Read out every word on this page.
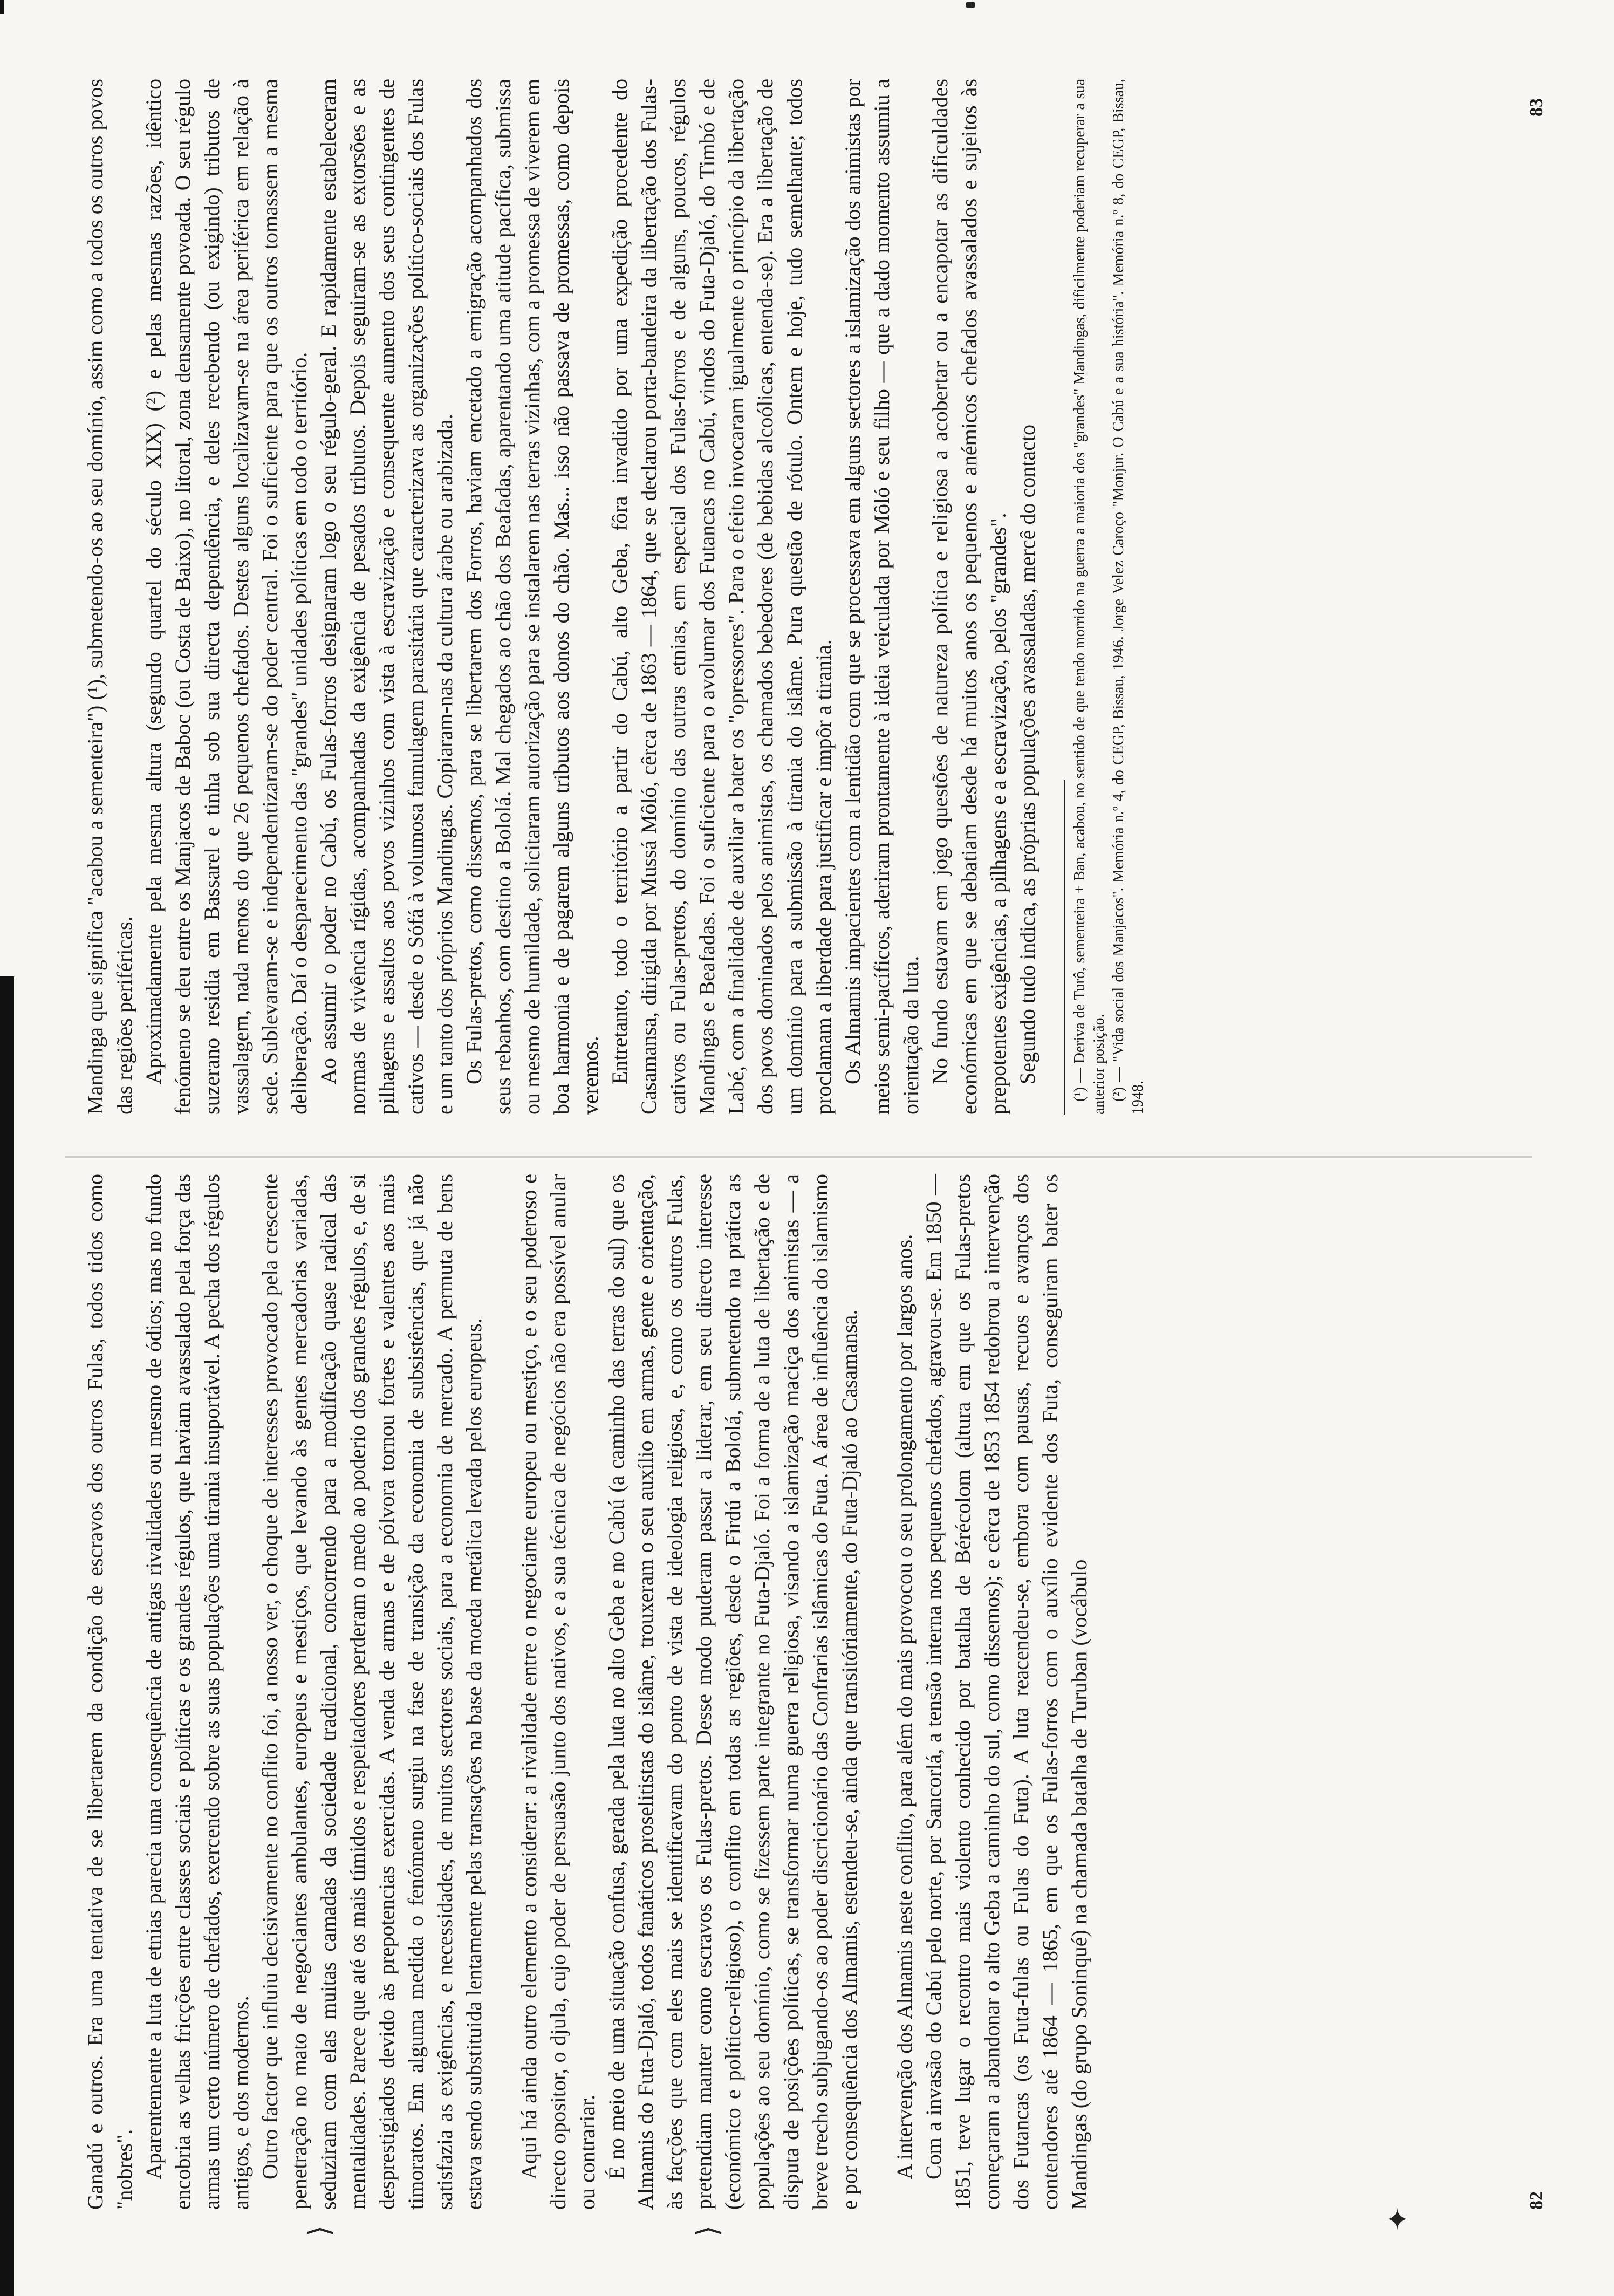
Ganadú e outros. Era uma tentativa de se libertarem da condição de escravos dos outros Fulas, todos tidos como "nobres". Aparentemente a luta de etnias parecia uma consequência de antigas rivalidades ou mesmo de ódios; mas no fundo encobria as velhas fricções entre classes sociais e políticas e os grandes régulos, que haviam avassalado pela força das armas um certo número de chefados, exercendo sobre as suas populações uma tirania insuportável. A pecha dos régulos antigos, e dos modernos. Outro factor que influiu decisivamente no conflito foi, a nosso ver, o choque de interesses provocado pela crescente penetração no mato de negociantes ambulantes, europeus e mestiços, que levando às gentes mercadorias variadas, seduziram com elas muitas camadas da sociedade tradicional, concorrendo para a modificação quase radical das mentalidades. Parece que até os mais tímidos e respeitadores perderam o medo ao poderio dos grandes régulos, e, de si desprestigiados devido às prepotencias exercidas. A venda de armas e de pólvora tornou fortes e valentes aos mais timoratos. Em alguma medida o fenómeno surgiu na fase de transição da economia de subsistências, que já não satisfazia as exigências, e necessidades, de muitos sectores sociais, para a economia de mercado. A permuta de bens estava sendo substituida lentamente pelas transações na base da moeda metálica levada pelos europeus. Aqui há ainda outro elemento a considerar: a rivalidade entre o negociante europeu ou mestiço, e o seu poderoso e directo opositor, o djula, cujo poder de persuasão junto dos nativos, e a sua técnica de negócios não era possível anular ou contrariar. É no meio de uma situação confusa, gerada pela luta no alto Geba e no Cabú (a caminho das terras do sul) que os Almamis do Futa-Djaló, todos fanáticos proselitistas do islâme, trouxeram o seu auxílio em armas, gente e orientação, às facções que com eles mais se identificavam do ponto de vista de ideologia religiosa, e, como os outros Fulas, pretendiam manter como escravos os Fulas-pretos. Desse modo puderam passar a liderar, em seu directo interesse (económico e político-religioso), o conflito em todas as regiões, desde o Firdú a Bololá, submetendo na prática as populações ao seu domínio, como se fizessem parte integrante no Futa-Djaló. Foi a forma de a luta de libertação e de disputa de posições políticas, se transformar numa guerra religiosa, visando a islamização maciça dos animistas — a breve trecho subjugando-os ao poder discricionário das Confrarias islâmicas do Futa. A área de influência do islamismo e por consequência dos Almamis, estendeu-se, ainda que transitóriamente, do Futa-Djaló ao Casamansa. A intervenção dos Almamis neste conflito, para além do mais provocou o seu prolongamento por largos anos. Com a invasão do Cabú pelo norte, por Sancorlá, a tensão interna nos pequenos chefados, agravou-se. Em 1850 — 1851, teve lugar o recontro mais violento conhecido por batalha de Bérécolom (altura em que os Fulas-pretos começaram a abandonar o alto Geba a caminho do sul, como dissemos); e cêrca de 1853 1854 redobrou a intervenção dos Futancas (os Futa-fulas ou Fulas do Futa). A luta reacendeu-se, embora com pausas, recuos e avanços dos contendores até 1864 — 1865, em que os Fulas-forros com o auxílio evidente dos Futa, conseguiram bater os Mandingas (do grupo Soninqué) na chamada batalha de Turuban (vocábulo	82

Mandinga que significa "acabou a sementeira") (¹), submetendo-os ao seu domínio, assim como a todos os outros povos das regiões periféricas. Aproximadamente pela mesma altura (segundo quartel do século XIX) (²) e pelas mesmas razões, idêntico fenómeno se deu entre os Manjacos de Baboc (ou Costa de Baixo), no litoral, zona densamente povoada. O seu régulo suzerano residia em Bassarel e tinha sob sua directa dependência, e deles recebendo (ou exigindo) tributos de vassalagem, nada menos do que 26 pequenos chefados. Destes alguns localizavam-se na área periférica em relação à sede. Sublevaram-se e independentizaram-se do poder central. Foi o suficiente para que os outros tomassem a mesma deliberação. Daí o desparecimento das "grandes" unidades políticas em todo o território. Ao assumir o poder no Cabú, os Fulas-forros designaram logo o seu régulo-geral. E rapidamente estabeleceram normas de vivência rígidas, acompanhadas da exigência de pesados tributos. Depois seguiram-se as extorsões e as pilhagens e assaltos aos povos vizinhos com vista à escravização e consequente aumento dos seus contingentes de cativos — desde o Sófá à volumosa famulagem parasitária que caracterizava as organizações político-sociais dos Fulas e um tanto dos próprios Mandingas. Copiaram-nas da cultura árabe ou arabizada. Os Fulas-pretos, como dissemos, para se libertarem dos Forros, haviam encetado a emigração acompanhados dos seus rebanhos, com destino a Bololá. Mal chegados ao chão dos Beafadas, aparentando uma atitude pacífica, submissa ou mesmo de humildade, solicitaram autorização para se instalarem nas terras vizinhas, com a promessa de viverem em boa harmonia e de pagarem alguns tributos aos donos do chão. Mas... isso não passava de promessas, como depois veremos. Entretanto, todo o território a partir do Cabú, alto Geba, fôra invadido por uma expedição procedente do Casamansa, dirigida por Mussá Môló, cêrca de 1863 — 1864, que se declarou porta-bandeira da libertação dos Fulas-cativos ou Fulas-pretos, do domínio das outras etnias, em especial dos Fulas-forros e de alguns, poucos, régulos Mandingas e Beafadas. Foi o suficiente para o avolumar dos Futancas no Cabú, vindos do Futa-Djaló, do Timbó e de Labé, com a finalidade de auxiliar a bater os "opressores". Para o efeito invocaram igualmente o princípio da libertação dos povos dominados pelos animistas, os chamados bebedores (de bebidas alcoólicas, entenda-se). Era a libertação de um domínio para a submissão à tirania do islâme. Pura questão de rótulo. Ontem e hoje, tudo semelhante; todos proclamam a liberdade para justificar e impôr a tirania. Os Almamis impacientes com a lentidão com que se processava em alguns sectores a islamização dos animistas por meios semi-pacíficos, aderiram prontamente à ideia veiculada por Môló e seu filho — que a dado momento assumiu a orientação da luta. No fundo estavam em jogo questões de natureza política e religiosa a acobertar ou a encapotar as dificuldades económicas em que se debatiam desde há muitos anos os pequenos e anémicos chefados avassalados e sujeitos às prepotentes exigências, a pilhagens e a escravização, pelos "grandes". Segundo tudo indica, as próprias populações avassaladas, mercê do contacto (¹) — Deriva de Turô, sementeira + Ban, acabou, no sentido de que tendo morrido na guerra a maioria dos "grandes" Mandingas, dificilmente poderiam recuperar a sua anterior posição. (²) — "Vida social dos Manjacos". Memória n.º 4, do CEGP, Bissau, 1946. Jorge Velez Caroço "Monjur. O Cabú e a sua história". Memória n.º 8, do CEGP, Bissau, 1948.

83
⟩	⟩	✦
